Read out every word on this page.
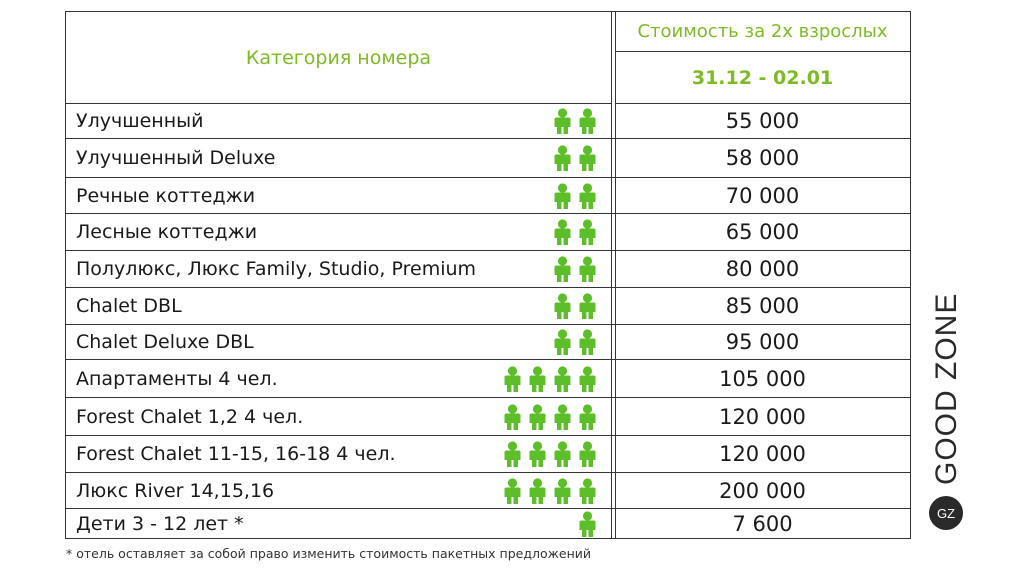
Категория номера
Стоимость за 2х взрослых
31.12 - 02.01
Улучшенный	55 000
Улучшенный Deluxe	58 000
Речные коттеджи	70 000
Лесные коттеджи	65 000
Полулюкс, Люкс Family, Studio, Premium	80 000
Chalet DBL	85 000
Chalet Deluxe DBL	95 000
Апартаменты 4 чел.	105 000
Forest Chalet 1,2 4 чел.	120 000
Forest Chalet 11-15, 16-18 4 чел.	120 000
Люкс River 14,15,16	200 000
Дети 3 - 12 лет *	7 600
* отель оставляет за собой право изменить стоимость пакетных предложений
GOOD ZONE
GZ
